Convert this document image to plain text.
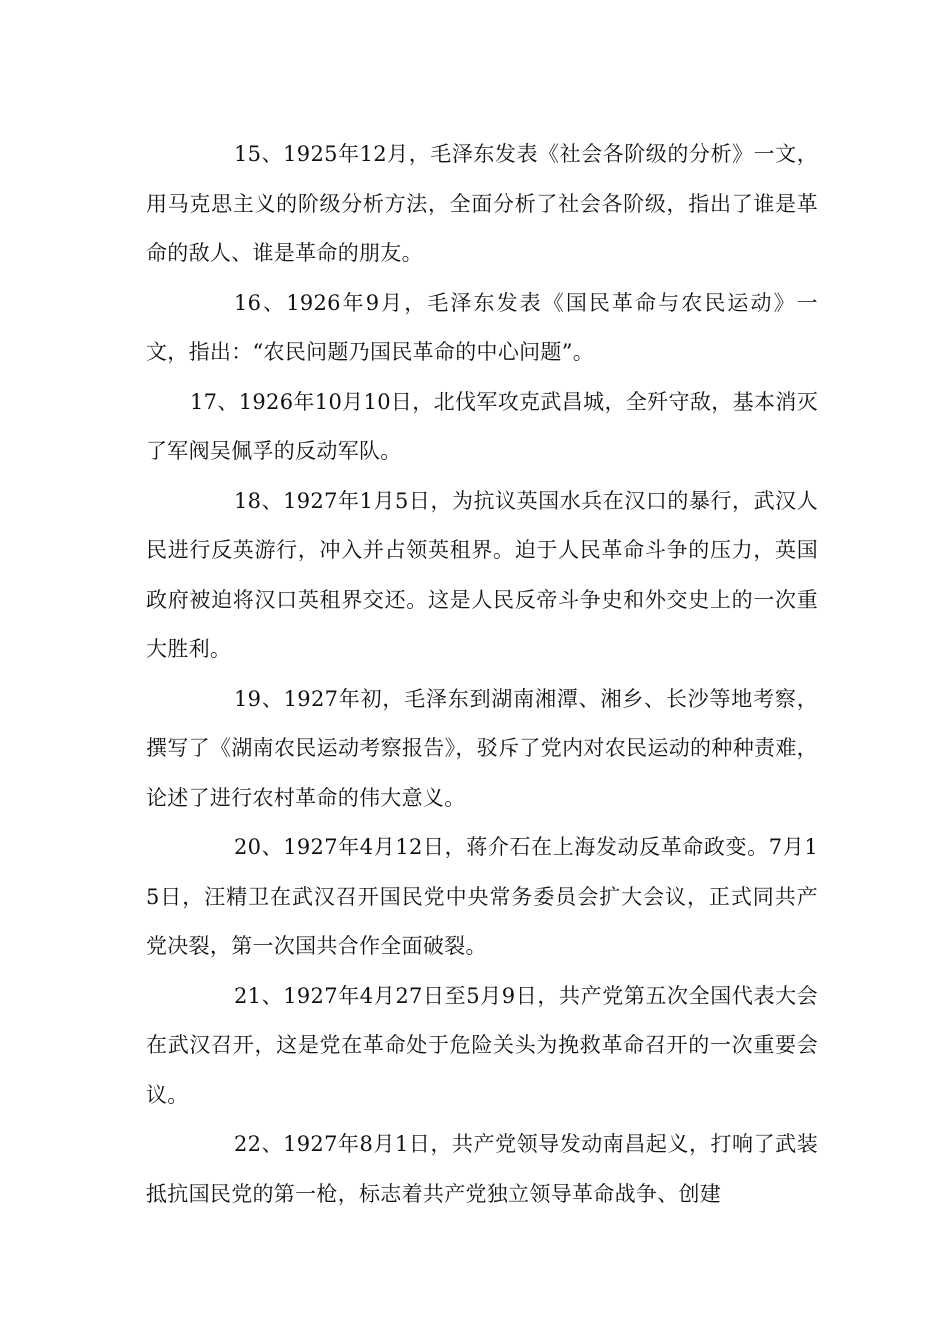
15、1925年12月，毛泽东发表《社会各阶级的分析》一文，用马克思主义的阶级分析方法，全面分析了社会各阶级，指出了谁是革命的敌人、谁是革命的朋友。

16、1926年9月，毛泽东发表《国民革命与农民运动》一文，指出：“农民问题乃国民革命的中心问题”。

17、1926年10月10日，北伐军攻克武昌城，全歼守敌，基本消灭了军阀吴佩孚的反动军队。

18、1927年1月5日，为抗议英国水兵在汉口的暴行，武汉人民进行反英游行，冲入并占领英租界。迫于人民革命斗争的压力，英国政府被迫将汉口英租界交还。这是人民反帝斗争史和外交史上的一次重大胜利。

19、1927年初，毛泽东到湖南湘潭、湘乡、长沙等地考察，撰写了《湖南农民运动考察报告》，驳斥了党内对农民运动的种种责难，论述了进行农村革命的伟大意义。

20、1927年4月12日，蒋介石在上海发动反革命政变。7月15日，汪精卫在武汉召开国民党中央常务委员会扩大会议，正式同共产党决裂，第一次国共合作全面破裂。

21、1927年4月27日至5月9日，共产党第五次全国代表大会在武汉召开，这是党在革命处于危险关头为挽救革命召开的一次重要会议。

22、1927年8月1日，共产党领导发动南昌起义，打响了武装抵抗国民党的第一枪，标志着共产党独立领导革命战争、创建
